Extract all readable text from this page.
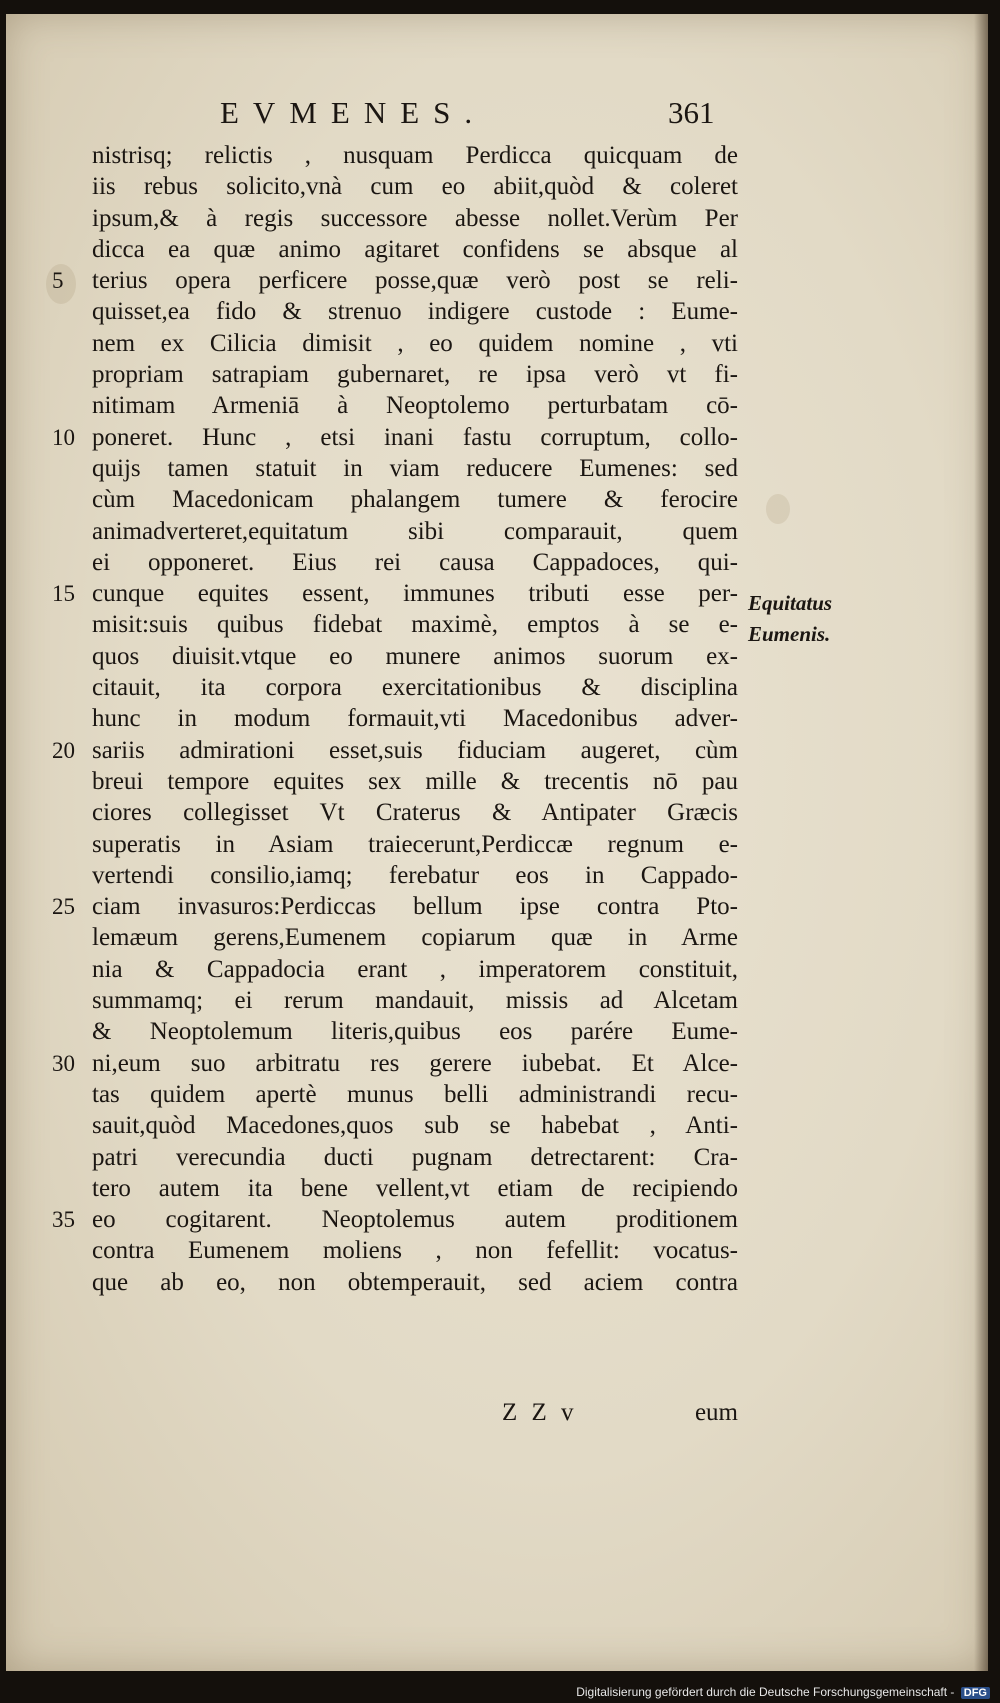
EVMENES.	361
nistrisq; relictis , nusquam Perdicca quicquam de
iis rebus solicito,vnà cum eo abiit,quòd & coleret
ipsum,& à regis successore abesse nollet.Verùm Per
dicca ea quæ animo agitaret confidens se absque al
5	terius opera perficere posse,quæ verò post se reli-
quisset,ea fido & strenuo indigere custode : Eume-
nem ex Cilicia dimisit , eo quidem nomine , vti
propriam satrapiam gubernaret, re ipsa verò vt fi-
nitimam Armeniā à Neoptolemo perturbatam cō-
10 poneret. Hunc , etsi inani fastu corruptum, collo-
quijs tamen statuit in viam reducere Eumenes: sed
cùm Macedonicam phalangem tumere & ferocire
animadverteret,equitatum sibi comparauit, quem
ei opponeret. Eius rei causa Cappadoces, qui-
15 cunque equites essent, immunes tributi esse per-
misit:suis quibus fidebat maximè, emptos à se e-
quos diuisit.vtque eo munere animos suorum ex-
citauit, ita corpora exercitationibus & disciplina
hunc in modum formauit,vti Macedonibus adver-
20 sariis admirationi esset,suis fiduciam augeret, cùm
breui tempore equites sex mille & trecentis nō pau
ciores collegisset Vt Craterus & Antipater Græcis
superatis in Asiam traiecerunt,Perdiccæ regnum e-
vertendi consilio,iamq; ferebatur eos in Cappado-
25 ciam invasuros:Perdiccas bellum ipse contra Pto-
lemæum gerens,Eumenem copiarum quæ in Arme
nia & Cappadocia erant , imperatorem constituit,
summamq; ei rerum mandauit, missis ad Alcetam
& Neoptolemum literis,quibus eos parére Eume-
30 ni,eum suo arbitratu res gerere iubebat. Et Alce-
tas quidem apertè munus belli administrandi recu-
sauit,quòd Macedones,quos sub se habebat , Anti-
patri verecundia ducti pugnam detrectarent: Cra-
tero autem ita bene vellent,vt etiam de recipiendo
35 eo cogitarent. Neoptolemus autem proditionem
contra Eumenem moliens , non fefellit: vocatus-
que ab eo, non obtemperauit, sed aciem contra
Equitatus
Eumenis.
Z Z v	eum
Digitalisierung gefördert durch die Deutsche Forschungsgemeinschaft - DFG
